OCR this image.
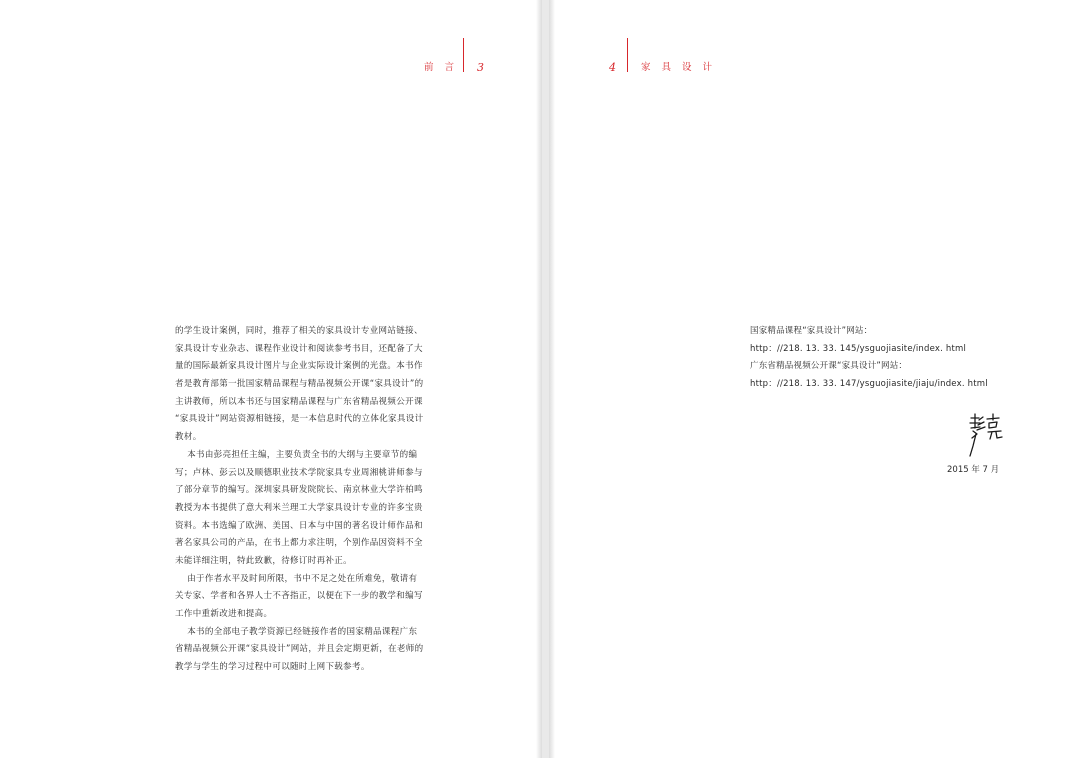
前 言 3
的学生设计案例，同时，推荐了相关的家具设计专业网站链接、
家具设计专业杂志、课程作业设计和阅读参考书目，还配备了大
量的国际最新家具设计图片与企业实际设计案例的光盘。本书作
者是教育部第一批国家精品课程与精品视频公开课“家具设计”的
主讲教师，所以本书还与国家精品课程与广东省精品视频公开课
“家具设计”网站资源相链接，是一本信息时代的立体化家具设计
教材。
本书由彭亮担任主编，主要负责全书的大纲与主要章节的编
写；卢林、彭云以及顺德职业技术学院家具专业周湘桃讲师参与
了部分章节的编写。深圳家具研发院院长、南京林业大学许柏鸣
教授为本书提供了意大利米兰理工大学家具设计专业的许多宝贵
资料。本书选编了欧洲、美国、日本与中国的著名设计师作品和
著名家具公司的产品，在书上都力求注明，个别作品因资料不全
未能详细注明，特此致歉，待修订时再补正。
由于作者水平及时间所限，书中不足之处在所难免，敬请有
关专家、学者和各界人士不吝指正，以便在下一步的教学和编写
工作中重新改进和提高。
本书的全部电子教学资源已经链接作者的国家精品课程广东
省精品视频公开课“家具设计”网站，并且会定期更新，在老师的
教学与学生的学习过程中可以随时上网下载参考。
4	家 具 设 计
国家精品课程“家具设计”网站：
http：//218. 13. 33. 145/ysguojiasite/index. html
广东省精品视频公开课“家具设计”网站：
http：//218. 13. 33. 147/ysguojiasite/jiaju/index. html
2015 年 7 月
